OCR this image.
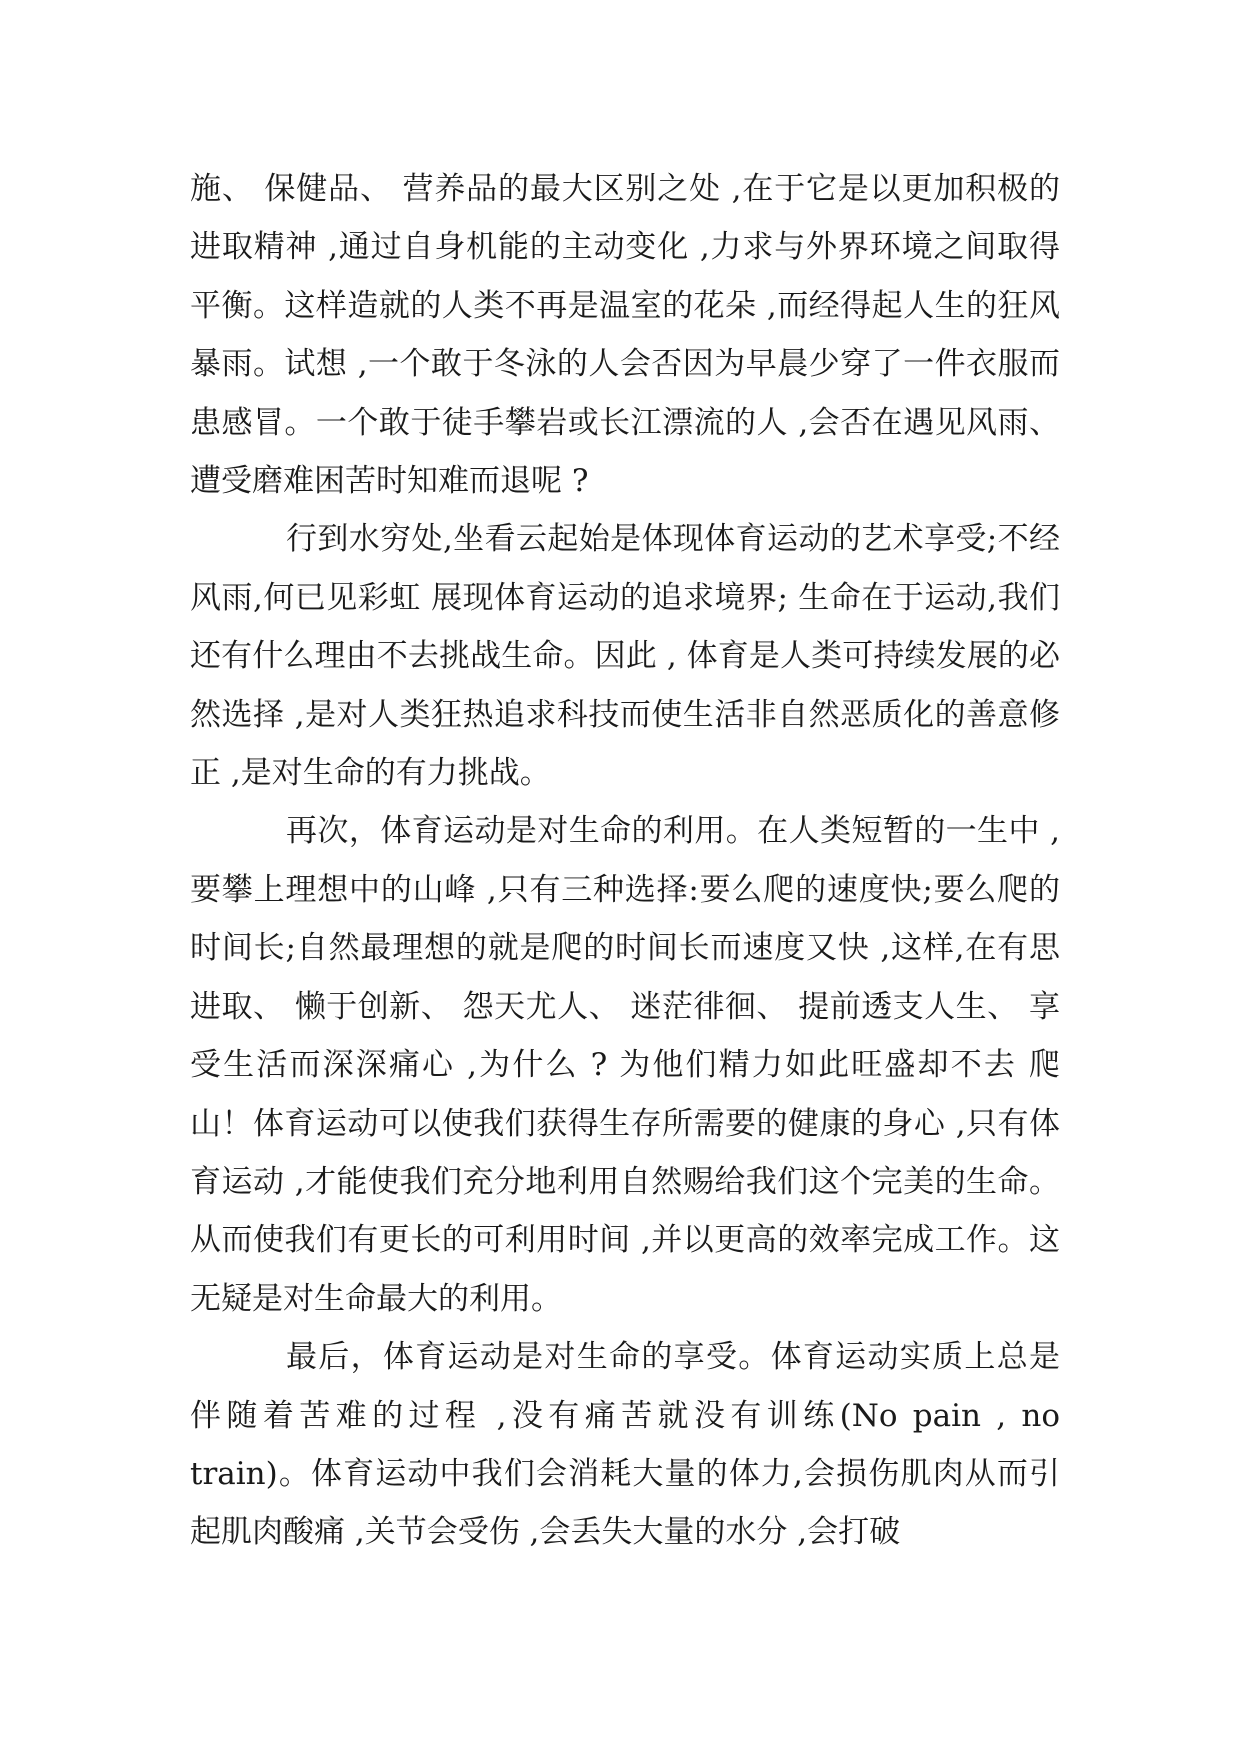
施、 保健品、 营养品的最大区别之处 ,在于它是以更加积极的进取精神 ,通过自身机能的主动变化 ,力求与外界环境之间取得平衡。这样造就的人类不再是温室的花朵 ,而经得起人生的狂风暴雨。试想 ,一个敢于冬泳的人会否因为早晨少穿了一件衣服而患感冒。一个敢于徒手攀岩或长江漂流的人 ,会否在遇见风雨、 遭受磨难困苦时知难而退呢 ?

行到水穷处,坐看云起始是体现体育运动的艺术享受;不经风雨,何已见彩虹 展现体育运动的追求境界; 生命在于运动,我们还有什么理由不去挑战生命。因此 , 体育是人类可持续发展的必然选择 ,是对人类狂热追求科技而使生活非自然恶质化的善意修正 ,是对生命的有力挑战。

再次，体育运动是对生命的利用。在人类短暂的一生中 ,要攀上理想中的山峰 ,只有三种选择:要么爬的速度快;要么爬的时间长;自然最理想的就是爬的时间长而速度又快 ,这样,在有思进取、 懒于创新、 怨天尤人、 迷茫徘徊、 提前透支人生、 享受生活而深深痛心 ,为什么 ? 为他们精力如此旺盛却不去 爬山！体育运动可以使我们获得生存所需要的健康的身心 ,只有体育运动 ,才能使我们充分地利用自然赐给我们这个完美的生命。从而使我们有更长的可利用时间 ,并以更高的效率完成工作。这无疑是对生命最大的利用。

最后，体育运动是对生命的享受。体育运动实质上总是伴随着苦难的过程 ,没有痛苦就没有训练(No pain , no train)。体育运动中我们会消耗大量的体力,会损伤肌肉从而引起肌肉酸痛 ,关节会受伤 ,会丢失大量的水分 ,会打破
